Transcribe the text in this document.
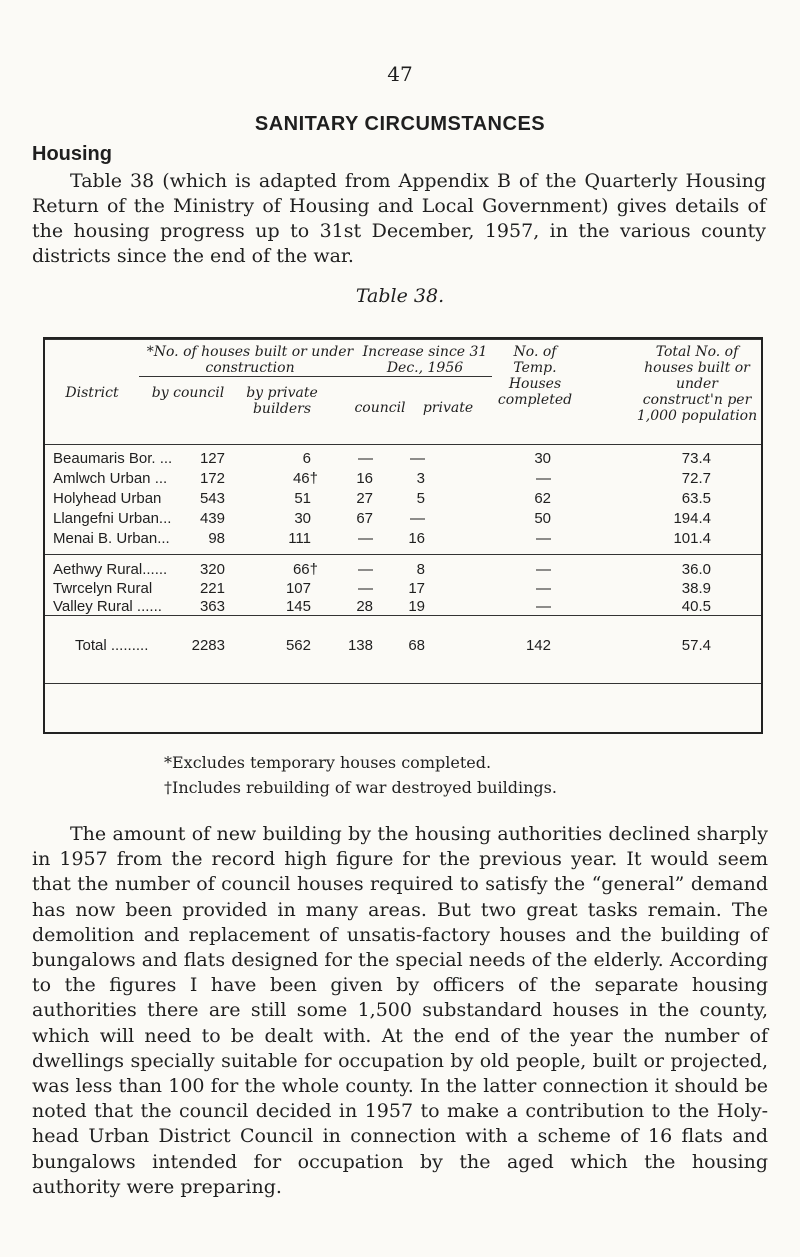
47
SANITARY CIRCUMSTANCES
Housing
Table 38 (which is adapted from Appendix B of the Quarterly Housing Return of the Ministry of Housing and Local Government) gives details of the housing progress up to 31st December, 1957, in the various county districts since the end of the war.
Table 38.
District
*No. of houses built or under construction
Increase since 31 Dec., 1956
by council	by private builders	council	private
No. of Temp. Houses completed
Total No. of houses built or under construct'n per 1,000 population
Beaumaris Bor. ... 127	6	— —	30	73.4
Amlwch Urban ... 172	46†	16	3	—	72.7
Holyhead Urban	543	51	27	5	62	63.5
Llangefni Urban... 439	30	67 —	50	194.4
Menai B. Urban...	98	111	— 16	—	101.4
Aethwy Rural...... 320	66†	—	8	—	36.0
Twrcelyn Rural	221	107	— 17	—	38.9
Valley Rural ......	363	145	28 19	—	40.5
Total .........	2283	562 138 68	142	57.4
*Excludes temporary houses completed.
†Includes rebuilding of war destroyed buildings.

The amount of new building by the housing authorities declined sharply in 1957 from the record high figure for the previous year. It would seem that the number of council houses required to satisfy the “general” demand has now been provided in many areas. But two great tasks remain. The demolition and replacement of unsatis-factory houses and the building of bungalows and flats designed for the special needs of the elderly. According to the figures I have been given by officers of the separate housing authorities there are still some 1,500 substandard houses in the county, which will need to be dealt with. At the end of the year the number of dwellings specially suitable for occupation by old people, built or projected, was less than 100 for the whole county. In the latter connection it should be noted that the council decided in 1957 to make a contribution to the Holy-head Urban District Council in connection with a scheme of 16 flats and bungalows intended for occupation by the aged which the housing authority were preparing.
